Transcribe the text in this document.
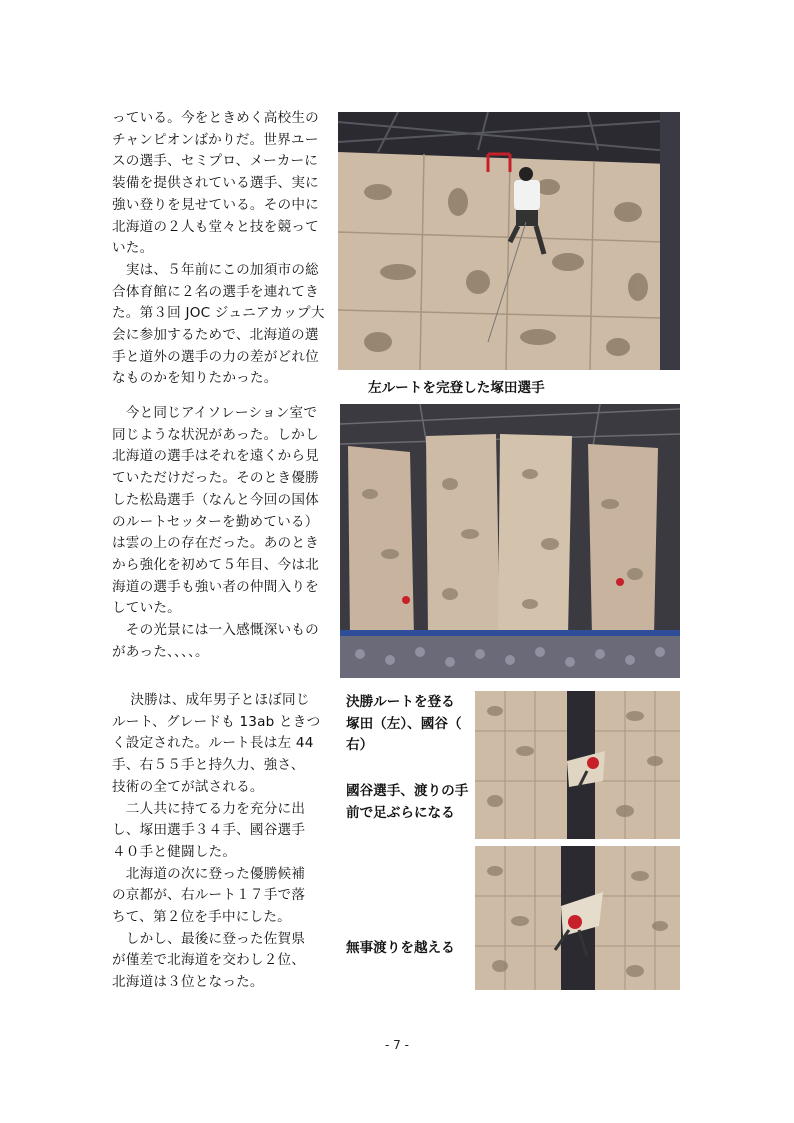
っている。今をときめく高校生の
チャンピオンばかりだ。世界ユー
スの選手、セミプロ、メーカーに
装備を提供されている選手、実に
強い登りを見せている。その中に
北海道の２人も堂々と技を競って
いた。
　実は、５年前にこの加須市の総
合体育館に２名の選手を連れてき
た。第３回 JOC ジュニアカップ大
会に参加するためで、北海道の選
手と道外の選手の力の差がどれ位
なものかを知りたかった。

　今と同じアイソレーション室で
同じような状況があった。しかし
北海道の選手はそれを遠くから見
ていただけだった。そのとき優勝
した松島選手（なんと今回の国体
のルートセッターを勤めている）
は雲の上の存在だった。あのとき
から強化を初めて５年目、今は北
海道の選手も強い者の仲間入りを
していた。
　その光景には一入感慨深いもの
があった、、、、。

　 決勝は、成年男子とほぼ同じ
ルート、グレードも 13ab ときつ
く設定された。ルート長は左 44
手、右５５手と持久力、強さ、
技術の全てが試される。
　二人共に持てる力を充分に出
し、塚田選手３４手、國谷選手
４０手と健闘した。
　北海道の次に登った優勝候補
の京都が、右ルート１７手で落
ちて、第２位を手中にした。
　しかし、最後に登った佐賀県
が僅差で北海道を交わし２位、
北海道は３位となった。

左ルートを完登した塚田選手

決勝ルートを登る
塚田（左）、國谷（
右）

國谷選手、渡りの手
前で足ぶらになる

無事渡りを越える

- 7 -
